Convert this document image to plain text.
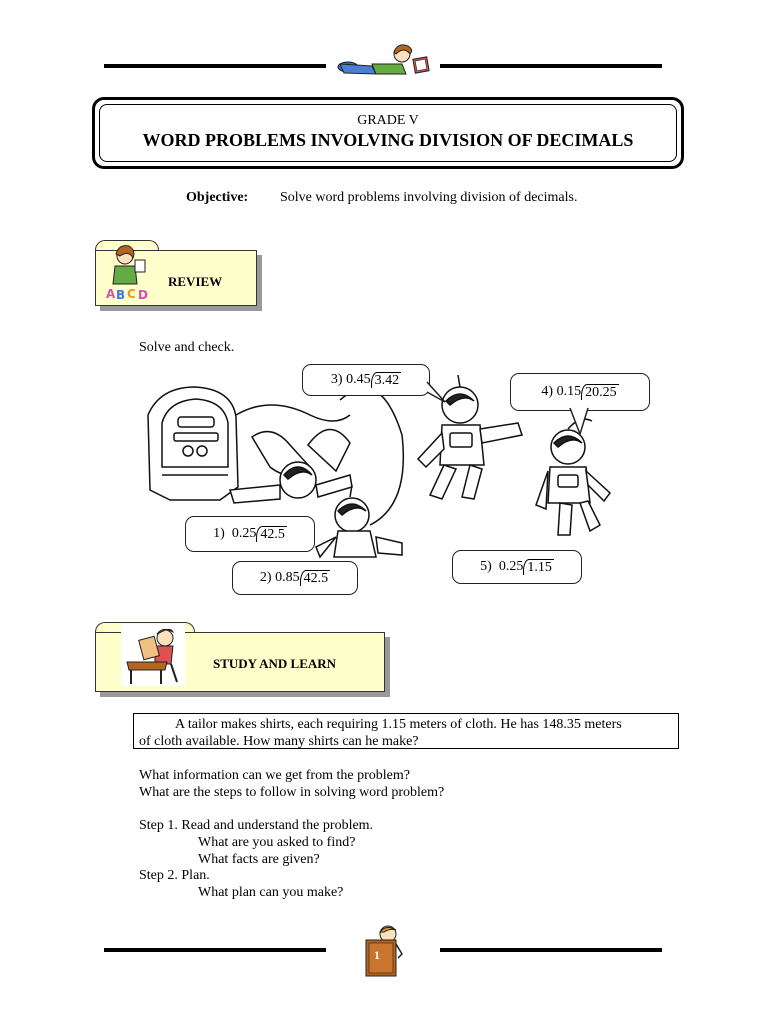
GRADE V
WORD PROBLEMS INVOLVING DIVISION OF DECIMALS
Objective: Solve word problems involving division of decimals.
A B C D
REVIEW
Solve and check.
3)
0.45 3.42
4)
0.15 20.25
1)
0.25 42.5
2)
0.85 42.5
5)
0.25 1.15
STUDY AND LEARN
A tailor makes shirts, each requiring 1.15 meters of cloth. He has 148.35 meters
of cloth available. How many shirts can he make?
What information can we get from the problem?
What are the steps to follow in solving word problem?
Step 1. Read and understand the problem.
What are you asked to find?
What facts are given?
Step 2. Plan.
What plan can you make?
1
